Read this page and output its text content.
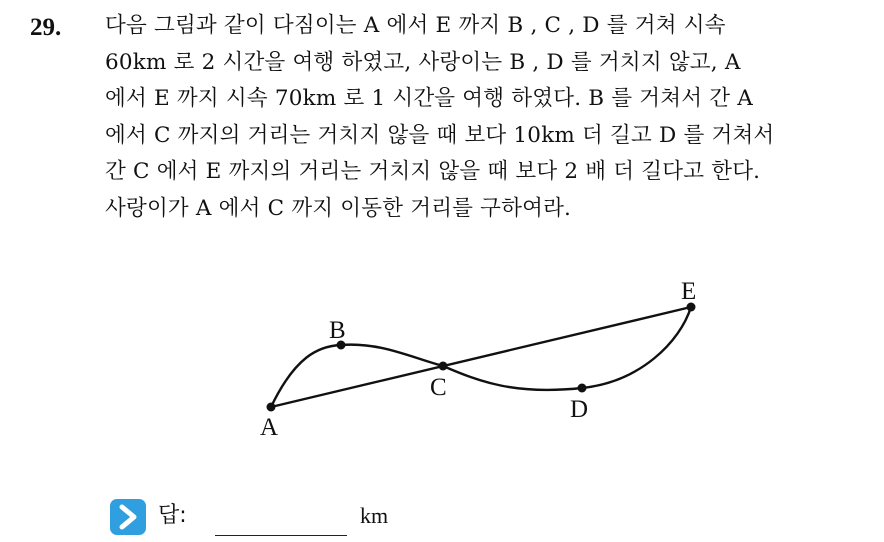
29. 다음 그림과 같이 다짐이는 A 에서 E 까지 B , C , D 를 거쳐 시속
60km 로 2 시간을 여행 하였고, 사랑이는 B , D 를 거치지 않고, A
에서 E 까지 시속 70km 로 1 시간을 여행 하였다. B 를 거쳐서 간 A
에서 C 까지의 거리는 거치지 않을 때 보다 10km 더 길고 D 를 거쳐서
간 C 에서 E 까지의 거리는 거치지 않을 때 보다 2 배 더 길다고 한다.
사랑이가 A 에서 C 까지 이동한 거리를 구하여라.
A
B
C
D
E
답:	km
